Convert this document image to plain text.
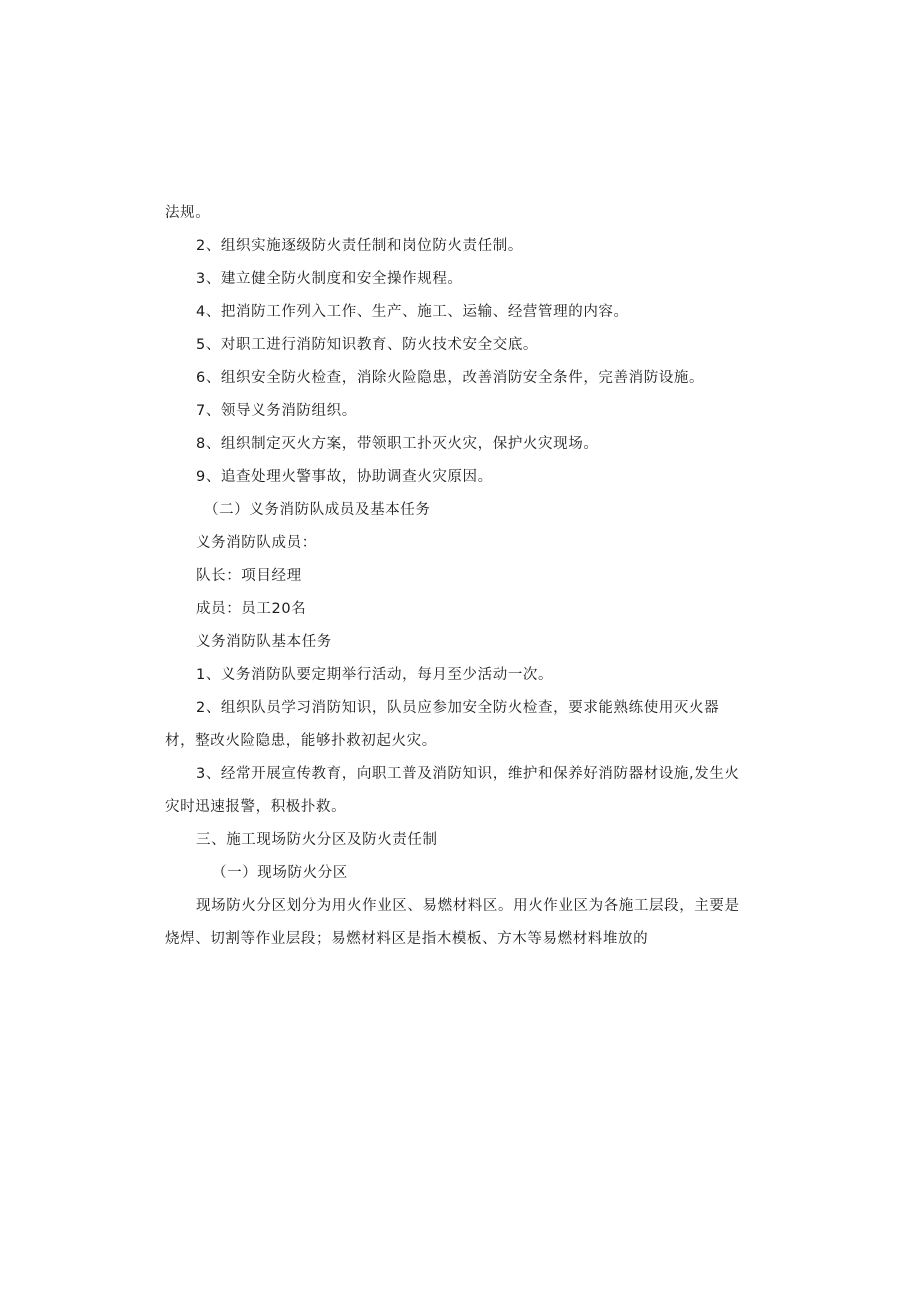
法规。
2、组织实施逐级防火责任制和岗位防火责任制。
3、建立健全防火制度和安全操作规程。
4、把消防工作列入工作、生产、施工、运输、经营管理的内容。
5、对职工进行消防知识教育、防火技术安全交底。
6、组织安全防火检查，消除火险隐患，改善消防安全条件，完善消防设施。
7、领导义务消防组织。
8、组织制定灭火方案，带领职工扑灭火灾，保护火灾现场。
9、追查处理火警事故，协助调查火灾原因。
（二）义务消防队成员及基本任务
义务消防队成员：
队长：项目经理
成员：员工20名
义务消防队基本任务
1、义务消防队要定期举行活动，每月至少活动一次。
2、组织队员学习消防知识，队员应参加安全防火检查，要求能熟练使用灭火器
材，整改火险隐患，能够扑救初起火灾。
3、经常开展宣传教育，向职工普及消防知识，维护和保养好消防器材设施,发生火
灾时迅速报警，积极扑救。
三、施工现场防火分区及防火责任制
（一）现场防火分区
现场防火分区划分为用火作业区、易燃材料区。用火作业区为各施工层段，主要是
烧焊、切割等作业层段；易燃材料区是指木模板、方木等易燃材料堆放的
